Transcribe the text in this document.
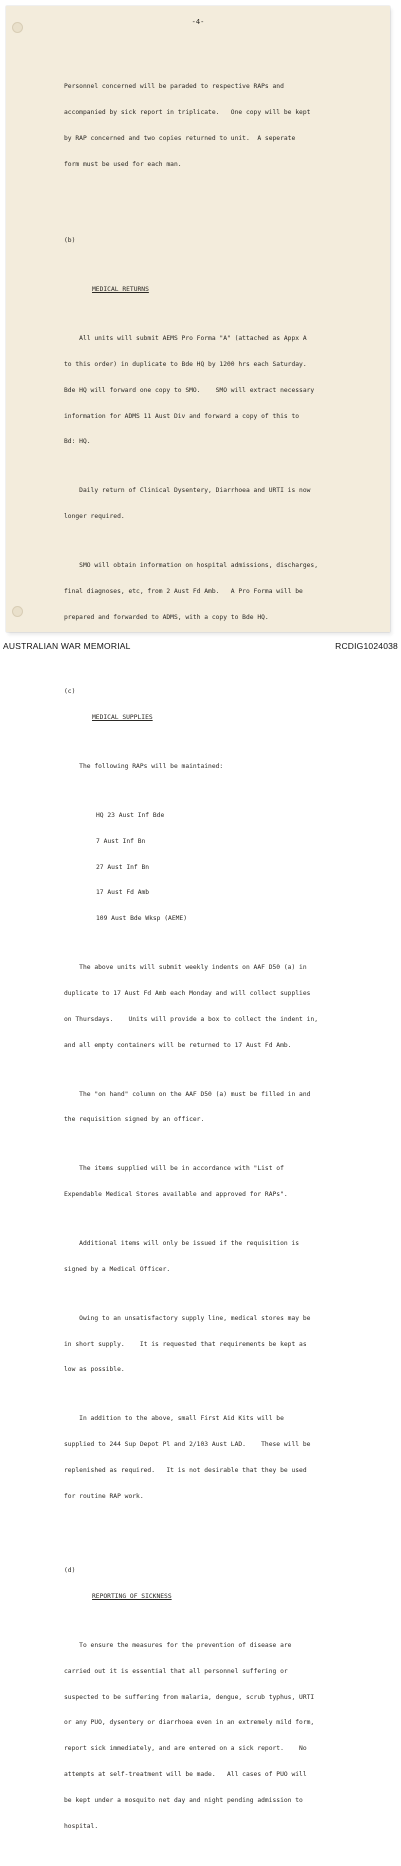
-4-

Personnel concerned will be paraded to respective RAPs and

accompanied by sick report in triplicate.   One copy will be kept

by RAP concerned and two copies returned to unit.  A seperate

form must be used for each man.

(b)

MEDICAL RETURNS

All units will submit AEMS Pro Forma "A" (attached as Appx A

to this order) in duplicate to Bde HQ by 1200 hrs each Saturday.

Bde HQ will forward one copy to SMO.    SMO will extract necessary

information for ADMS 11 Aust Div and forward a copy of this to

Bd: HQ.

Daily return of Clinical Dysentery, Diarrhoea and URTI is now

longer required.

SMO will obtain information on hospital admissions, discharges,

final diagnoses, etc, from 2 Aust Fd Amb.   A Pro Forma will be

prepared and forwarded to ADMS, with a copy to Bde HQ.

(c)

MEDICAL SUPPLIES

The following RAPs will be maintained:

HQ 23 Aust Inf Bde

7 Aust Inf Bn

27 Aust Inf Bn

17 Aust Fd Amb

109 Aust Bde Wksp (AEME)

The above units will submit weekly indents on AAF D50 (a) in

duplicate to 17 Aust Fd Amb each Monday and will collect supplies

on Thursdays.    Units will provide a box to collect the indent in,

and all empty containers will be returned to 17 Aust Fd Amb.

The "on hand" column on the AAF D50 (a) must be filled in and

the requisition signed by an officer.

The items supplied will be in accordance with "List of

Expendable Medical Stores available and approved for RAPs".

Additional items will only be issued if the requisition is

signed by a Medical Officer.

Owing to an unsatisfactory supply line, medical stores may be

in short supply.    It is requested that requirements be kept as

low as possible.

In addition to the above, small First Aid Kits will be

supplied to 244 Sup Depot Pl and 2/103 Aust LAD.    These will be

replenished as required.   It is not desirable that they be used

for routine RAP work.

(d)

REPORTING OF SICKNESS

To ensure the measures for the prevention of disease are

carried out it is essential that all personnel suffering or

suspected to be suffering from malaria, dengue, scrub typhus, URTI

or any PUO, dysentery or diarrhoea even in an extremely mild form,

report sick immediately, and are entered on a sick report.    No

attempts at self-treatment will be made.   All cases of PUO will

be kept under a mosquito net day and night pending admission to

hospital.

AUSTRALIAN WAR MEMORIAL	RCDIG1024038
